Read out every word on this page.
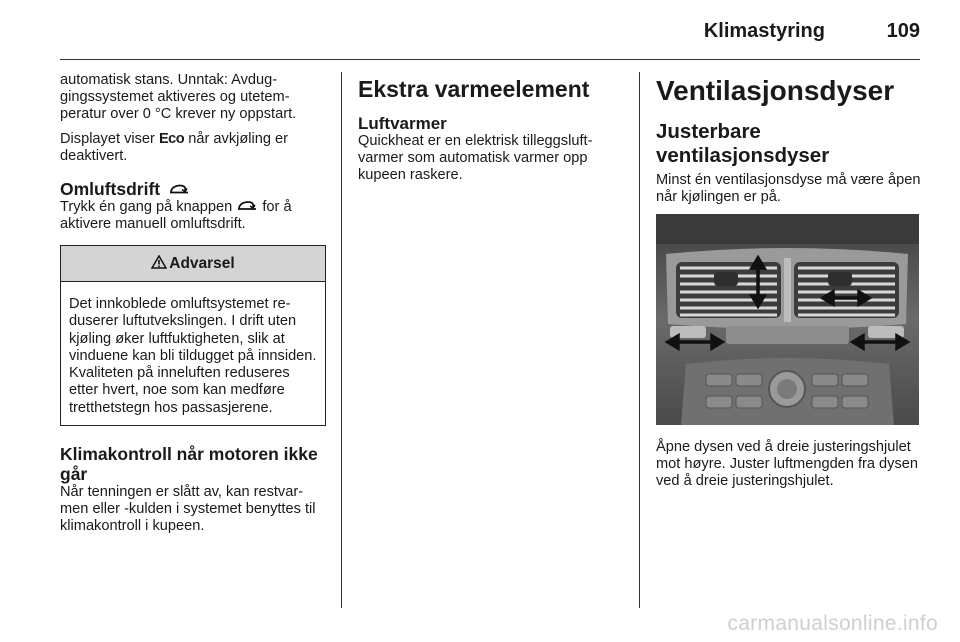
Klimastyring	109

automatisk stans. Unntak: Avduggingssystemet aktiveres og utetemperatur over 0 °C krever ny oppstart.

Displayet viser Eco når avkjøling er deaktivert.

Omluftsdrift

Trykk én gang på knappen  for å aktivere manuell omluftsdrift.

Advarsel
Det innkoblede omluftsystemet reduserer luftutvekslingen. I drift uten kjøling øker luftfuktigheten, slik at vinduene kan bli tildugget på innsiden. Kvaliteten på inneluften reduseres etter hvert, noe som kan medføre tretthetstegn hos passasjerene.
Klimakontroll når motoren ikke går

Når tenningen er slått av, kan restvarmen eller -kulden i systemet benyttes til klimakontroll i kupeen.

Ekstra varmeelement
Luftvarmer

Quickheat er en elektrisk tilleggsluftvarmer som automatisk varmer opp kupeen raskere.

Ventilasjonsdyser
Justerbare ventilasjonsdyser

Minst én ventilasjonsdyse må være åpen når kjølingen er på.

Åpne dysen ved å dreie justeringshjulet mot høyre. Juster luftmengden fra dysen ved å dreie justeringshjulet.

carmanualsonline.info
